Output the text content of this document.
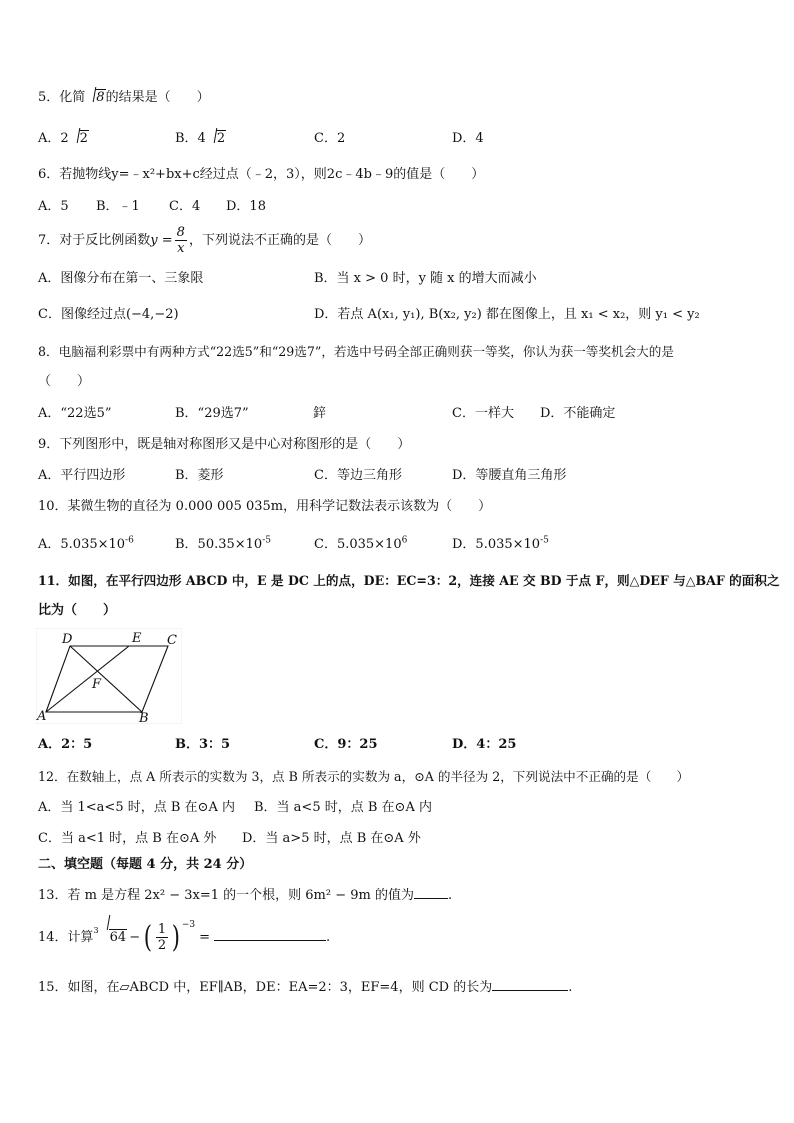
5．化简 8的结果是（　　）
A．2 2	B．4 2	C．2	D．4
6．若抛物线y=﹣x²+bx+c经过点（﹣2，3），则2c﹣4b﹣9的值是（　　）
A．5 B．﹣1 C．4 D．18
7．对于反比例函数$y = \frac{8}{x}$ ，下列说法不正确的是（　　）
A．图像分布在第一、三象限	B．当 x > 0 时，y 随 x 的增大而减小
C．图像经过点(−4,−2)	D．若点 A(x₁, y₁), B(x₂, y₂) 都在图像上，且 x₁ < x₂，则 y₁ < y₂
8．电脑福利彩票中有两种方式“22选5”和“29选7”，若选中号码全部正确则获一等奖，你认为获一等奖机会大的是
（　　）
A．“22选5”	B．“29选7”	鋅	C．一样大 D．不能确定
9．下列图形中，既是轴对称图形又是中心对称图形的是（　　）
A．平行四边形	B．菱形	C．等边三角形	D．等腰直角三角形
10．某微生物的直径为 0.000 005 035m，用科学记数法表示该数为（　　）
A．$5.035\times 10^{-6}$	B．$50.35\times 10^{-5}$	C．$5.035\times 10^6$	D．$5.035\times 10^{-5}$
11．如图，在平行四边形 ABCD 中，E 是 DC 上的点，DE：EC=3：2，连接 AE 交 BD 于点 F，则△DEF 与△BAF 的面积之
比为（　　）
D	E C
F
A	B
A．2：5	B．3：5	C．9：25	D．4：25
12．在数轴上，点 A 所表示的实数为 3，点 B 所表示的实数为 a，⊙A 的半径为 2，下列说法中不正确的是（　　）
A．当 1<a<5 时，点 B 在⊙A 内 B．当 a<5 时，点 B 在⊙A 内
C．当 a<1 时，点 B 在⊙A 外 D．当 a>5 时，点 B 在⊙A 外
二、填空题（每题 4 分，共 24 分）
13．若 m 是方程 2x² − 3x=1 的一个根，则 6m² − 9m 的值为	.
14．计算$^3$ 64 − ( $\frac{1}{2}$ ) $^{-3}$=	.
15．如图，在▱ABCD 中，EF∥AB，DE：EA=2：3，EF=4，则 CD 的长为	.
